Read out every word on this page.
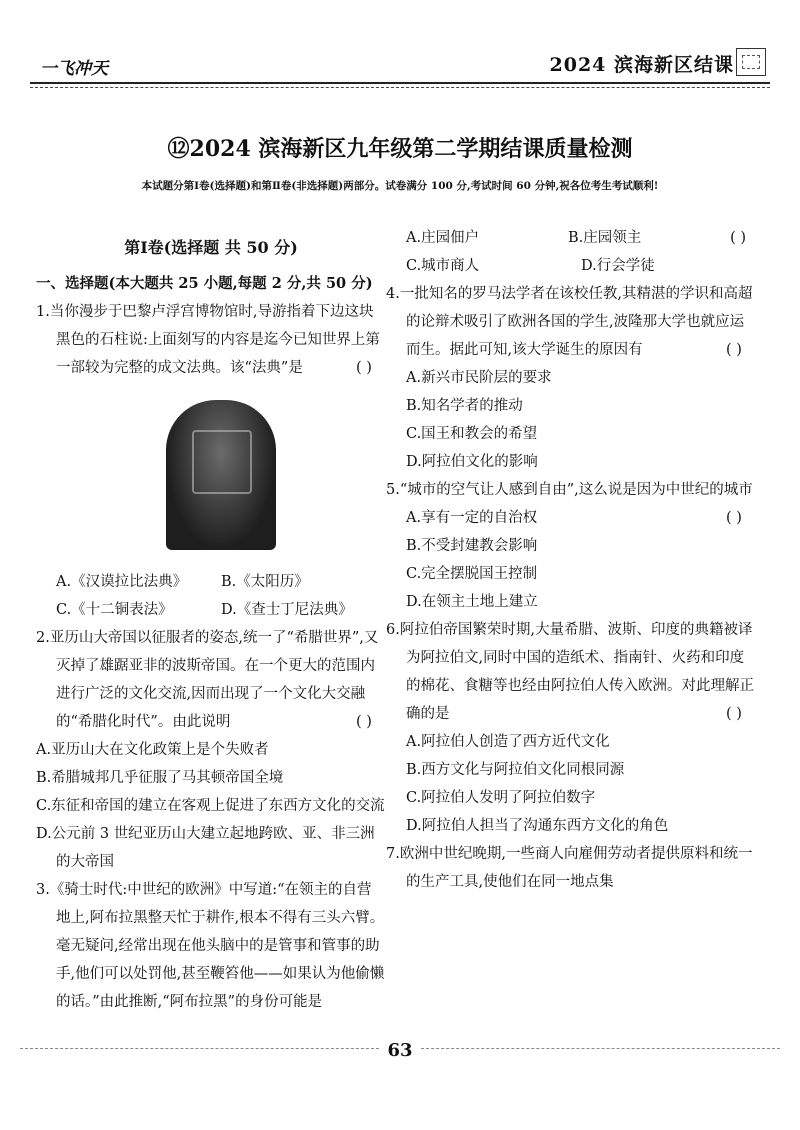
一飞冲天	2024 滨海新区结课
⑫2024 滨海新区九年级第二学期结课质量检测
本试题分第Ⅰ卷(选择题)和第Ⅱ卷(非选择题)两部分。试卷满分 100 分,考试时间 60 分钟,祝各位考生考试顺利!
第Ⅰ卷(选择题 共 50 分)

一、选择题(本大题共 25 小题,每题 2 分,共 50 分)

1.当你漫步于巴黎卢浮宫博物馆时,导游指着下边这块黑色的石柱说:上面刻写的内容是迄今已知世界上第一部较为完整的成文法典。该“法典”是	( )

A.《汉谟拉比法典》	B.《太阳历》
C.《十二铜表法》	D.《查士丁尼法典》

2.亚历山大帝国以征服者的姿态,统一了“希腊世界”,又灭掉了雄踞亚非的波斯帝国。在一个更大的范围内进行广泛的文化交流,因而出现了一个文化大交融的“希腊化时代”。由此说明	( )

A.亚历山大在文化政策上是个失败者

B.希腊城邦几乎征服了马其顿帝国全境

C.东征和帝国的建立在客观上促进了东西方文化的交流

D.公元前 3 世纪亚历山大建立起地跨欧、亚、非三洲的大帝国

3.《骑士时代:中世纪的欧洲》中写道:“在领主的自营地上,阿布拉黑整天忙于耕作,根本不得有三头六臂。毫无疑问,经常出现在他头脑中的是管事和管事的助手,他们可以处罚他,甚至鞭笞他——如果认为他偷懒的话。”由此推断,“阿布拉黑”的身份可能是

( )

A.庄园佃户	B.庄园领主
C.城市商人	D.行会学徒

4.一批知名的罗马法学者在该校任教,其精湛的学识和高超的论辩术吸引了欧洲各国的学生,波隆那大学也就应运而生。据此可知,该大学诞生的原因有	( )

A.新兴市民阶层的要求

B.知名学者的推动

C.国王和教会的希望

D.阿拉伯文化的影响

5.“城市的空气让人感到自由”,这么说是因为中世纪的城市
( )

A.享有一定的自治权

B.不受封建教会影响

C.完全摆脱国王控制

D.在领主土地上建立

6.阿拉伯帝国繁荣时期,大量希腊、波斯、印度的典籍被译为阿拉伯文,同时中国的造纸术、指南针、火药和印度的棉花、食糖等也经由阿拉伯人传入欧洲。对此理解正确的是	( )

A.阿拉伯人创造了西方近代文化

B.西方文化与阿拉伯文化同根同源

C.阿拉伯人发明了阿拉伯数字

D.阿拉伯人担当了沟通东西方文化的角色

7.欧洲中世纪晚期,一些商人向雇佣劳动者提供原料和统一的生产工具,使他们在同一地点集

63
